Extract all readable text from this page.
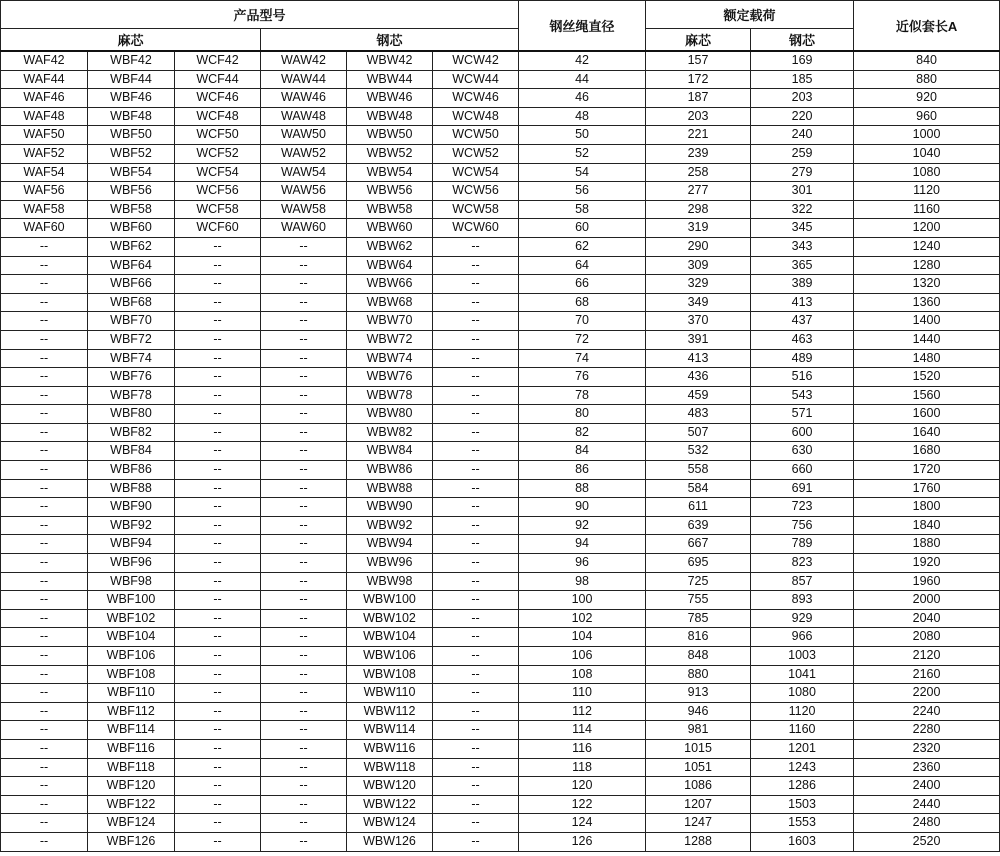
产品型号						钢丝绳直径	额定载荷		近似套长A
麻芯			钢芯				麻芯	钢芯	
WAF42	WBF42	WCF42	WAW42	WBW42	WCW42	42	157	169	840
WAF44	WBF44	WCF44	WAW44	WBW44	WCW44	44	172	185	880
WAF46	WBF46	WCF46	WAW46	WBW46	WCW46	46	187	203	920
WAF48	WBF48	WCF48	WAW48	WBW48	WCW48	48	203	220	960
WAF50	WBF50	WCF50	WAW50	WBW50	WCW50	50	221	240	1000
WAF52	WBF52	WCF52	WAW52	WBW52	WCW52	52	239	259	1040
WAF54	WBF54	WCF54	WAW54	WBW54	WCW54	54	258	279	1080
WAF56	WBF56	WCF56	WAW56	WBW56	WCW56	56	277	301	1120
WAF58	WBF58	WCF58	WAW58	WBW58	WCW58	58	298	322	1160
WAF60	WBF60	WCF60	WAW60	WBW60	WCW60	60	319	345	1200
--	WBF62	--	--	WBW62	--	62	290	343	1240
--	WBF64	--	--	WBW64	--	64	309	365	1280
--	WBF66	--	--	WBW66	--	66	329	389	1320
--	WBF68	--	--	WBW68	--	68	349	413	1360
--	WBF70	--	--	WBW70	--	70	370	437	1400
--	WBF72	--	--	WBW72	--	72	391	463	1440
--	WBF74	--	--	WBW74	--	74	413	489	1480
--	WBF76	--	--	WBW76	--	76	436	516	1520
--	WBF78	--	--	WBW78	--	78	459	543	1560
--	WBF80	--	--	WBW80	--	80	483	571	1600
--	WBF82	--	--	WBW82	--	82	507	600	1640
--	WBF84	--	--	WBW84	--	84	532	630	1680
--	WBF86	--	--	WBW86	--	86	558	660	1720
--	WBF88	--	--	WBW88	--	88	584	691	1760
--	WBF90	--	--	WBW90	--	90	611	723	1800
--	WBF92	--	--	WBW92	--	92	639	756	1840
--	WBF94	--	--	WBW94	--	94	667	789	1880
--	WBF96	--	--	WBW96	--	96	695	823	1920
--	WBF98	--	--	WBW98	--	98	725	857	1960
--	WBF100	--	--	WBW100	--	100	755	893	2000
--	WBF102	--	--	WBW102	--	102	785	929	2040
--	WBF104	--	--	WBW104	--	104	816	966	2080
--	WBF106	--	--	WBW106	--	106	848	1003	2120
--	WBF108	--	--	WBW108	--	108	880	1041	2160
--	WBF110	--	--	WBW110	--	110	913	1080	2200
--	WBF112	--	--	WBW112	--	112	946	1120	2240
--	WBF114	--	--	WBW114	--	114	981	1160	2280
--	WBF116	--	--	WBW116	--	116	1015	1201	2320
--	WBF118	--	--	WBW118	--	118	1051	1243	2360
--	WBF120	--	--	WBW120	--	120	1086	1286	2400
--	WBF122	--	--	WBW122	--	122	1207	1503	2440
--	WBF124	--	--	WBW124	--	124	1247	1553	2480
--	WBF126	--	--	WBW126	--	126	1288	1603	2520
